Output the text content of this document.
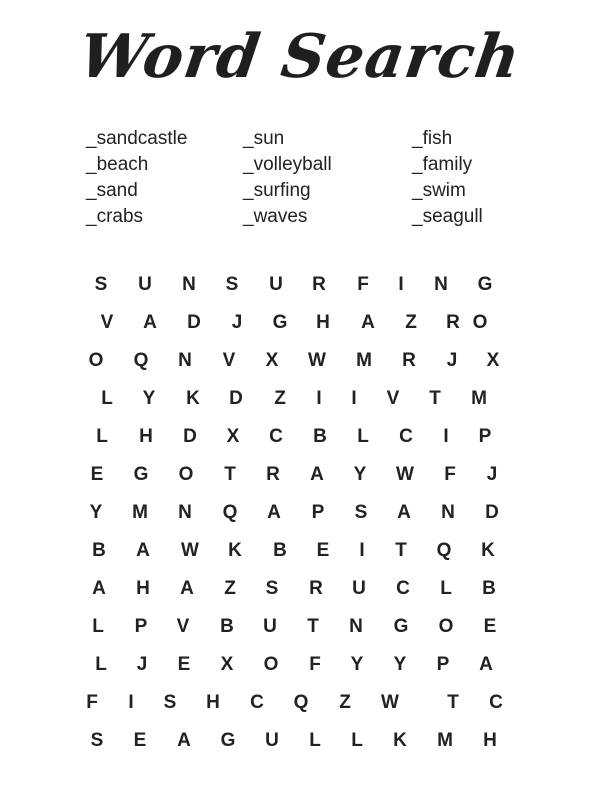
Word Search
_sandcastle
_beach
_sand
_crabs
_sun
_volleyball
_surfing
_waves
_fish
_family
_swim
_seagull
S	U	N	S	U	R	F	I	N	G
V	A	D	J	G	H	A	Z	R O
O	Q	N	V	X	W	M	R	J	X
L	Y	K	D	Z	I	I	V	T	M
L	H	D	X	C	B	L	C	I	P
E	G	O	T	R	A	Y	W	F	J
Y	M	N	Q	A	P	S	A	N	D
B	A	W	K	B	E	I	T	Q	K
A	H	A	Z	S	R	U	C	L	B
L	P	V	B	U	T	N	G	O	E
L	J	E	X	O	F	Y	Y	P	A
F	I	S	H	C	Q	Z	W	T	C
S	E	A	G	U	L	L	K	M	H
